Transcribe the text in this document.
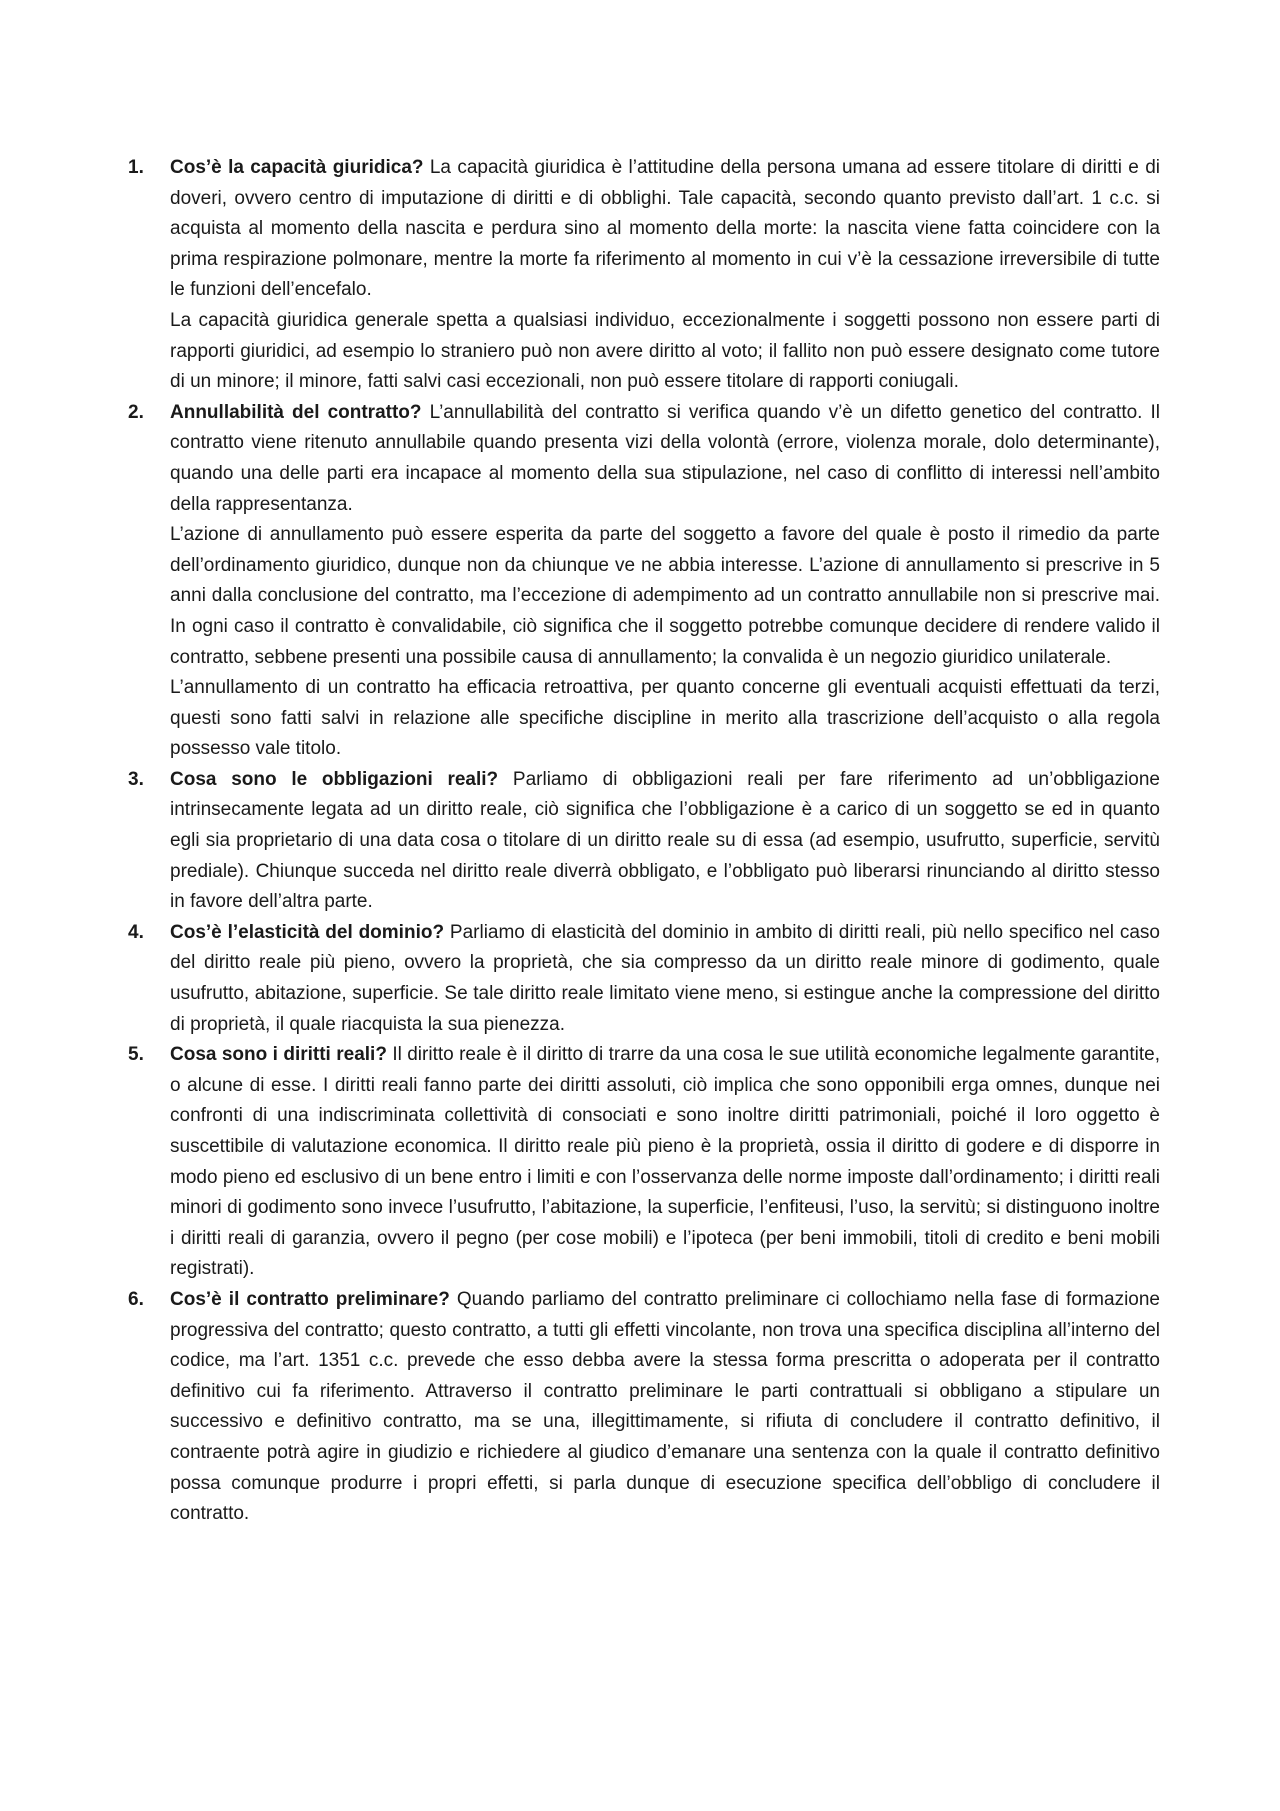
1.	Cos’è la capacità giuridica? La capacità giuridica è l’attitudine della persona umana ad essere titolare di diritti e di doveri, ovvero centro di imputazione di diritti e di obblighi. Tale capacità, secondo quanto previsto dall’art. 1 c.c. si acquista al momento della nascita e perdura sino al momento della morte: la nascita viene fatta coincidere con la prima respirazione polmonare, mentre la morte fa riferimento al momento in cui v’è la cessazione irreversibile di tutte le funzioni dell’encefalo.

La capacità giuridica generale spetta a qualsiasi individuo, eccezionalmente i soggetti possono non essere parti di rapporti giuridici, ad esempio lo straniero può non avere diritto al voto; il fallito non può essere designato come tutore di un minore; il minore, fatti salvi casi eccezionali, non può essere titolare di rapporti coniugali.

2.	Annullabilità del contratto? L’annullabilità del contratto si verifica quando v’è un difetto genetico del contratto. Il contratto viene ritenuto annullabile quando presenta vizi della volontà (errore, violenza morale, dolo determinante), quando una delle parti era incapace al momento della sua stipulazione, nel caso di conflitto di interessi nell’ambito della rappresentanza.

L’azione di annullamento può essere esperita da parte del soggetto a favore del quale è posto il rimedio da parte dell’ordinamento giuridico, dunque non da chiunque ve ne abbia interesse. L’azione di annullamento si prescrive in 5 anni dalla conclusione del contratto, ma l’eccezione di adempimento ad un contratto annullabile non si prescrive mai. In ogni caso il contratto è convalidabile, ciò significa che il soggetto potrebbe comunque decidere di rendere valido il contratto, sebbene presenti una possibile causa di annullamento; la convalida è un negozio giuridico unilaterale.

L’annullamento di un contratto ha efficacia retroattiva, per quanto concerne gli eventuali acquisti effettuati da terzi, questi sono fatti salvi in relazione alle specifiche discipline in merito alla trascrizione dell’acquisto o alla regola possesso vale titolo.

3.	Cosa sono le obbligazioni reali? Parliamo di obbligazioni reali per fare riferimento ad un’obbligazione intrinsecamente legata ad un diritto reale, ciò significa che l’obbligazione è a carico di un soggetto se ed in quanto egli sia proprietario di una data cosa o titolare di un diritto reale su di essa (ad esempio, usufrutto, superficie, servitù prediale). Chiunque succeda nel diritto reale diverrà obbligato, e l’obbligato può liberarsi rinunciando al diritto stesso in favore dell’altra parte.

4.	Cos’è l’elasticità del dominio? Parliamo di elasticità del dominio in ambito di diritti reali, più nello specifico nel caso del diritto reale più pieno, ovvero la proprietà, che sia compresso da un diritto reale minore di godimento, quale usufrutto, abitazione, superficie. Se tale diritto reale limitato viene meno, si estingue anche la compressione del diritto di proprietà, il quale riacquista la sua pienezza.

5.	Cosa sono i diritti reali? Il diritto reale è il diritto di trarre da una cosa le sue utilità economiche legalmente garantite, o alcune di esse. I diritti reali fanno parte dei diritti assoluti, ciò implica che sono opponibili erga omnes, dunque nei confronti di una indiscriminata collettività di consociati e sono inoltre diritti patrimoniali, poiché il loro oggetto è suscettibile di valutazione economica. Il diritto reale più pieno è la proprietà, ossia il diritto di godere e di disporre in modo pieno ed esclusivo di un bene entro i limiti e con l’osservanza delle norme imposte dall’ordinamento; i diritti reali minori di godimento sono invece l’usufrutto, l’abitazione, la superficie, l’enfiteusi, l’uso, la servitù; si distinguono inoltre i diritti reali di garanzia, ovvero il pegno (per cose mobili) e l’ipoteca (per beni immobili, titoli di credito e beni mobili registrati).

6.	Cos’è il contratto preliminare? Quando parliamo del contratto preliminare ci collochiamo nella fase di formazione progressiva del contratto; questo contratto, a tutti gli effetti vincolante, non trova una specifica disciplina all’interno del codice, ma l’art. 1351 c.c. prevede che esso debba avere la stessa forma prescritta o adoperata per il contratto definitivo cui fa riferimento. Attraverso il contratto preliminare le parti contrattuali si obbligano a stipulare un successivo e definitivo contratto, ma se una, illegittimamente, si rifiuta di concludere il contratto definitivo, il contraente potrà agire in giudizio e richiedere al giudico d’emanare una sentenza con la quale il contratto definitivo possa comunque produrre i propri effetti, si parla dunque di esecuzione specifica dell’obbligo di concludere il contratto.
